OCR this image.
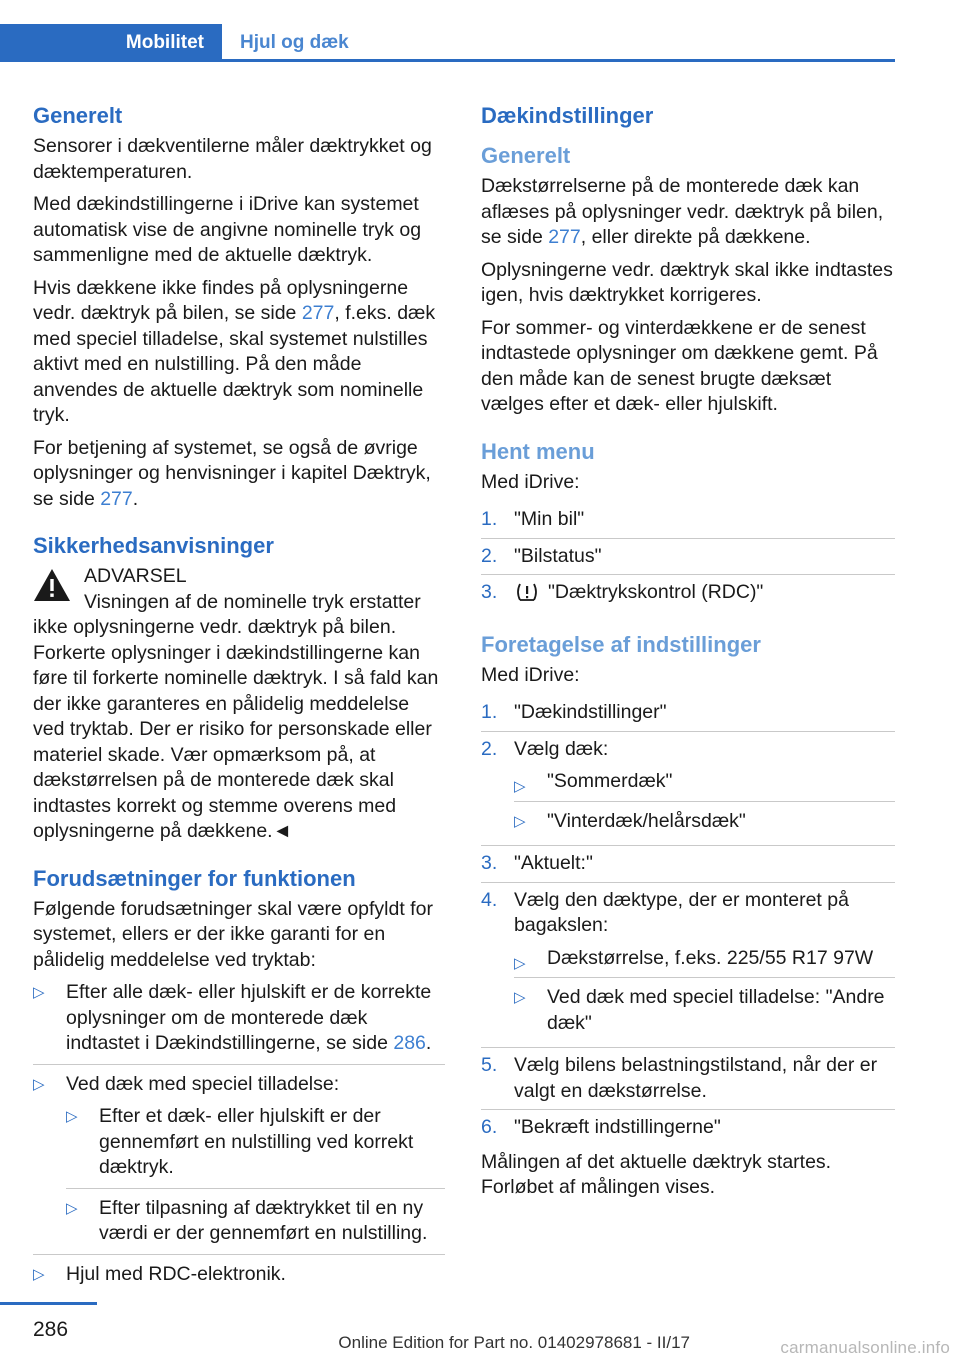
Mobilitet	Hjul og dæk
Generelt

Sensorer i dækventilerne måler dæktrykket og dæktemperaturen.

Med dækindstillingerne i iDrive kan systemet automatisk vise de angivne nominelle tryk og sammenligne med de aktuelle dæktryk.

Hvis dækkene ikke findes på oplysningerne vedr. dæktryk på bilen, se side 277, f.eks. dæk med speciel tilladelse, skal systemet nulstilles aktivt med en nulstilling. På den måde anvendes de aktuelle dæktryk som nominelle tryk.

For betjening af systemet, se også de øvrige oplysninger og henvisninger i kapitel Dæktryk, se side 277.

Sikkerhedsanvisninger
ADVARSEL

Visningen af de nominelle tryk erstatter ikke oplysningerne vedr. dæktryk på bilen. Forkerte oplysninger i dækindstillingerne kan føre til forkerte nominelle dæktryk. I så fald kan der ikke garanteres en pålidelig meddelelse ved tryktab. Der er risiko for personskade eller materiel skade. Vær opmærksom på, at dækstørrelsen på de monterede dæk skal indtastes korrekt og stemme overens med oplysningerne på dækkene.◄

Forudsætninger for funktionen

Følgende forudsætninger skal være opfyldt for systemet, ellers er der ikke garanti for en pålidelig meddelelse ved tryktab:

▷ Efter alle dæk- eller hjulskift er de korrekte oplysninger om de monterede dæk indtastet i Dækindstillingerne, se side 286.
▷ Ved dæk med speciel tilladelse:
▷ Efter et dæk- eller hjulskift er der gennemført en nulstilling ved korrekt dæktryk.
▷ Efter tilpasning af dæktrykket til en ny værdi er der gennemført en nulstilling.
▷ Hjul med RDC-elektronik.
Dækindstillinger
Generelt

Dækstørrelserne på de monterede dæk kan aflæses på oplysninger vedr. dæktryk på bilen, se side 277, eller direkte på dækkene.

Oplysningerne vedr. dæktryk skal ikke indtastes igen, hvis dæktrykket korrigeres.

For sommer- og vinterdækkene er de senest indtastede oplysninger om dækkene gemt. På den måde kan de senest brugte dæksæt vælges efter et dæk- eller hjulskift.

Hent menu

Med iDrive:

1. "Min bil"
2. "Bilstatus"
3.	"Dæktrykskontrol (RDC)"
Foretagelse af indstillinger

Med iDrive:

1. "Dækindstillinger"
2. Vælg dæk:
▷ "Sommerdæk"
▷ "Vinterdæk/helårsdæk"
3. "Aktuelt:"
4. Vælg den dæktype, der er monteret på bagakslen:
▷ Dækstørrelse, f.eks. 225/55 R17 97W
▷ Ved dæk med speciel tilladelse: "Andre dæk"
5. Vælg bilens belastningstilstand, når der er valgt en dækstørrelse.
6. "Bekræft indstillingerne"

Målingen af det aktuelle dæktryk startes. Forløbet af målingen vises.

286
Online Edition for Part no. 01402978681 - II/17	carmanualsonline.info
